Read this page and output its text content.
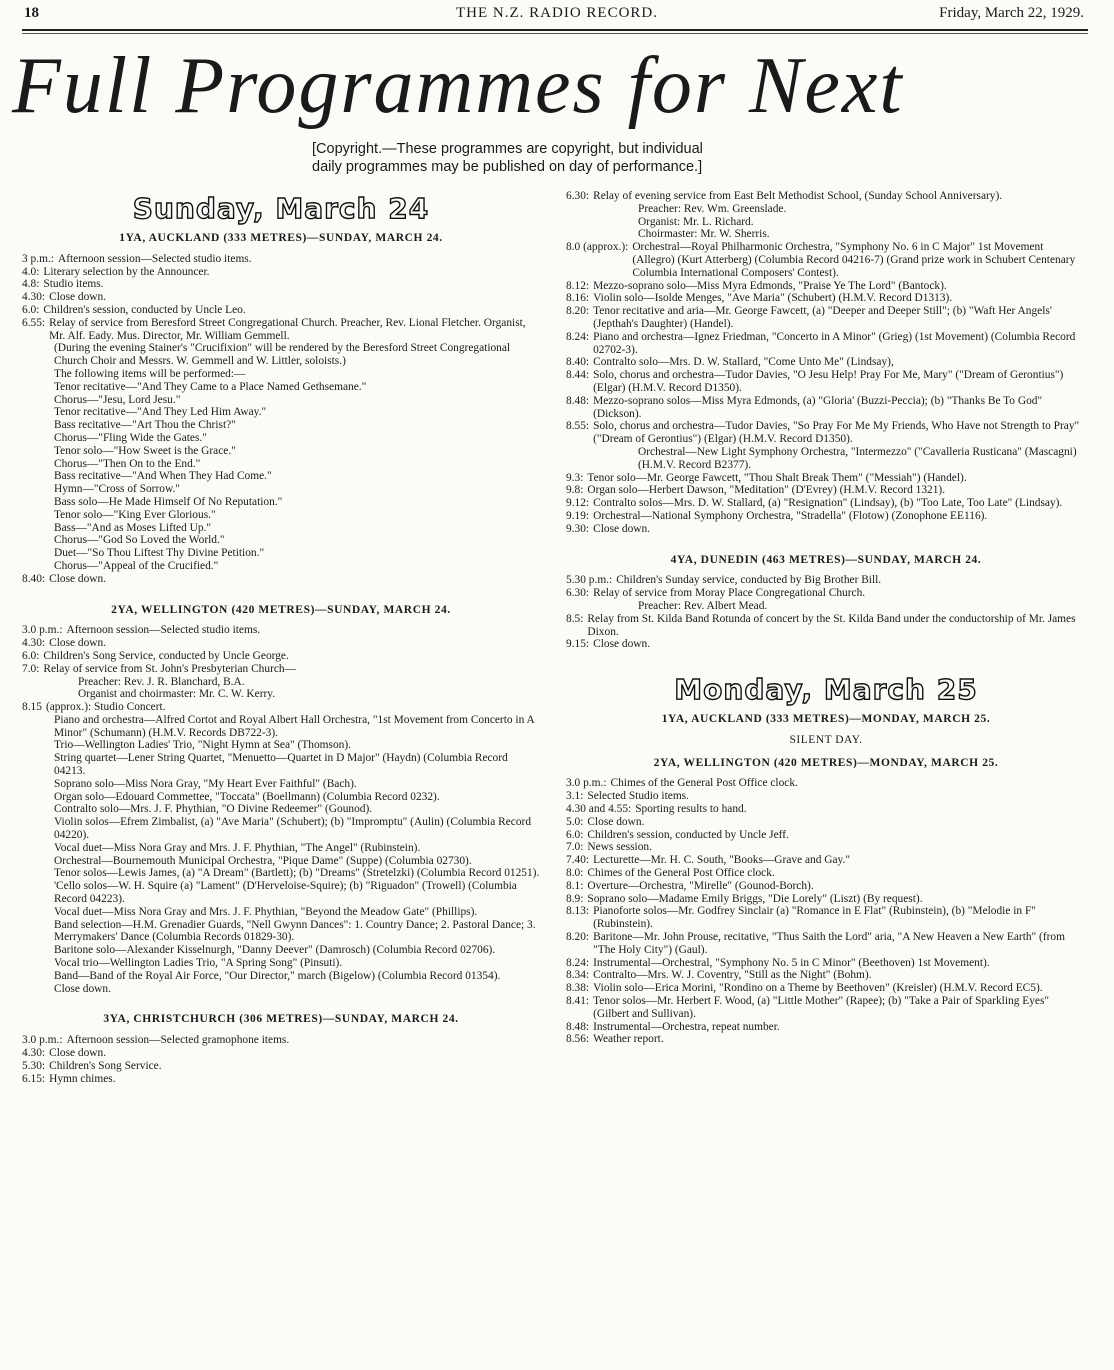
18	THE N.Z. RADIO RECORD.	Friday, March 22, 1929.
Full Programmes for Next
[Copyright.—These programmes are copyright, but individual
daily programmes may be published on day of performance.]
Sunday, March 24
1YA, AUCKLAND (333 METRES)—SUNDAY, MARCH 24.
3 p.m.: Afternoon session—Selected studio items.
4.0: Literary selection by the Announcer.
4.8: Studio items.
4.30: Close down.
6.0: Children's session, conducted by Uncle Leo.
6.55: Relay of service from Beresford Street Congregational Church. Preacher, Rev. Lional Fletcher. Organist, Mr. Alf. Eady. Mus. Director, Mr. William Gemmell.
(During the evening Stainer's "Crucifixion" will be rendered by the Beresford Street Congregational Church Choir and Messrs. W. Gemmell and W. Littler, soloists.)
The following items will be performed:—
Tenor recitative—"And They Came to a Place Named Gethsemane."
Chorus—"Jesu, Lord Jesu."
Tenor recitative—"And They Led Him Away."
Bass recitative—"Art Thou the Christ?"
Chorus—"Fling Wide the Gates."
Tenor solo—"How Sweet is the Grace."
Chorus—"Then On to the End."
Bass recitative—"And When They Had Come."
Hymn—"Cross of Sorrow."
Bass solo—He Made Himself Of No Reputation."
Tenor solo—"King Ever Glorious."
Bass—"And as Moses Lifted Up."
Chorus—"God So Loved the World."
Duet—"So Thou Liftest Thy Divine Petition."
Chorus—"Appeal of the Crucified."
8.40: Close down.
2YA, WELLINGTON (420 METRES)—SUNDAY, MARCH 24.
3.0 p.m.: Afternoon session—Selected studio items.
4.30: Close down.
6.0: Children's Song Service, conducted by Uncle George.
7.0: Relay of service from St. John's Presbyterian Church—
Preacher: Rev. J. R. Blanchard, B.A.
Organist and choirmaster: Mr. C. W. Kerry.
8.15 (approx.): Studio Concert.
Piano and orchestra—Alfred Cortot and Royal Albert Hall Orchestra, "1st Movement from Concerto in A Minor" (Schumann) (H.M.V. Records DB722-3).
Trio—Wellington Ladies' Trio, "Night Hymn at Sea" (Thomson).
String quartet—Lener String Quartet, "Menuetto—Quartet in D Major" (Haydn) (Columbia Record 04213.
Soprano solo—Miss Nora Gray, "My Heart Ever Faithful" (Bach).
Organ solo—Edouard Commettee, "Toccata" (Boellmann) (Columbia Record 0232).
Contralto solo—Mrs. J. F. Phythian, "O Divine Redeemer" (Gounod).
Violin solos—Efrem Zimbalist, (a) "Ave Maria" (Schubert); (b) "Impromptu" (Aulin) (Columbia Record 04220).
Vocal duet—Miss Nora Gray and Mrs. J. F. Phythian, "The Angel" (Rubinstein).
Orchestral—Bournemouth Municipal Orchestra, "Pique Dame" (Suppe) (Columbia 02730).
Tenor solos—Lewis James, (a) "A Dream" (Bartlett); (b) "Dreams" (Stretelzki) (Columbia Record 01251).
'Cello solos—W. H. Squire (a) "Lament" (D'Herveloise-Squire); (b) "Riguadon" (Trowell) (Columbia Record 04223).
Vocal duet—Miss Nora Gray and Mrs. J. F. Phythian, "Beyond the Meadow Gate" (Phillips).
Band selection—H.M. Grenadier Guards, "Nell Gwynn Dances": 1. Country Dance; 2. Pastoral Dance; 3. Merrymakers' Dance (Columbia Records 01829-30).
Baritone solo—Alexander Kisselnurgh, "Danny Deever" (Damrosch) (Columbia Record 02706).
Vocal trio—Wellington Ladies Trio, "A Spring Song" (Pinsuti).
Band—Band of the Royal Air Force, "Our Director," march (Bigelow) (Columbia Record 01354).
Close down.
3YA, CHRISTCHURCH (306 METRES)—SUNDAY, MARCH 24.
3.0 p.m.: Afternoon session—Selected gramophone items.
4.30: Close down.
5.30: Children's Song Service.
6.15: Hymn chimes.
6.30: Relay of evening service from East Belt Methodist School, (Sunday School Anniversary).
Preacher: Rev. Wm. Greenslade.
Organist: Mr. L. Richard.
Choirmaster: Mr. W. Sherris.
8.0 (approx.): Orchestral—Royal Philharmonic Orchestra, "Symphony No. 6 in C Major" 1st Movement (Allegro) (Kurt Atterberg) (Columbia Record 04216-7) (Grand prize work in Schubert Centenary Columbia International Composers' Contest).
8.12: Mezzo-soprano solo—Miss Myra Edmonds, "Praise Ye The Lord" (Bantock).
8.16: Violin solo—Isolde Menges, "Ave Maria" (Schubert) (H.M.V. Record D1313).
8.20: Tenor recitative and aria—Mr. George Fawcett, (a) "Deeper and Deeper Still"; (b) "Waft Her Angels' (Jepthah's Daughter) (Handel).
8.24: Piano and orchestra—Ignez Friedman, "Concerto in A Minor" (Grieg) (1st Movement) (Columbia Record 02702-3).
8.40: Contralto solo—Mrs. D. W. Stallard, "Come Unto Me" (Lindsay),
8.44: Solo, chorus and orchestra—Tudor Davies, "O Jesu Help! Pray For Me, Mary" ("Dream of Gerontius") (Elgar) (H.M.V. Record D1350).
8.48: Mezzo-soprano solos—Miss Myra Edmonds, (a) "Gloria' (Buzzi-Peccia); (b) "Thanks Be To God" (Dickson).
8.55: Solo, chorus and orchestra—Tudor Davies, "So Pray For Me My Friends, Who Have not Strength to Pray" ("Dream of Gerontius") (Elgar) (H.M.V. Record D1350).
Orchestral—New Light Symphony Orchestra, "Intermezzo" ("Cavalleria Rusticana" (Mascagni) (H.M.V. Record B2377).
9.3: Tenor solo—Mr. George Fawcett, "Thou Shalt Break Them" ("Messiah") (Handel).
9.8: Organ solo—Herbert Dawson, "Meditation" (D'Evrey) (H.M.V. Record 1321).
9.12: Contralto solos—Mrs. D. W. Stallard, (a) "Resignation" (Lindsay), (b) "Too Late, Too Late" (Lindsay).
9.19: Orchestral—National Symphony Orchestra, "Stradella" (Flotow) (Zonophone EE116).
9.30: Close down.
4YA, DUNEDIN (463 METRES)—SUNDAY, MARCH 24.
5.30 p.m.: Children's Sunday service, conducted by Big Brother Bill.
6.30: Relay of service from Moray Place Congregational Church.
Preacher: Rev. Albert Mead.
8.5: Relay from St. Kilda Band Rotunda of concert by the St. Kilda Band under the conductorship of Mr. James Dixon.
9.15: Close down.
Monday, March 25
1YA, AUCKLAND (333 METRES)—MONDAY, MARCH 25.
SILENT DAY.
2YA, WELLINGTON (420 METRES)—MONDAY, MARCH 25.
3.0 p.m.: Chimes of the General Post Office clock.
3.1: Selected Studio items.
4.30 and 4.55: Sporting results to hand.
5.0: Close down.
6.0: Children's session, conducted by Uncle Jeff.
7.0: News session.
7.40: Lecturette—Mr. H. C. South, "Books—Grave and Gay."
8.0: Chimes of the General Post Office clock.
8.1: Overture—Orchestra, "Mirelle" (Gounod-Borch).
8.9: Soprano solo—Madame Emily Briggs, "Die Lorely" (Liszt) (By request).
8.13: Pianoforte solos—Mr. Godfrey Sinclair (a) "Romance in E Flat" (Rubinstein), (b) "Melodie in F" (Rubinstein).
8.20: Baritone—Mr. John Prouse, recitative, "Thus Saith the Lord" aria, "A New Heaven a New Earth" (from "The Holy City") (Gaul).
8.24: Instrumental—Orchestral, "Symphony No. 5 in C Minor" (Beethoven) 1st Movement).
8.34: Contralto—Mrs. W. J. Coventry, "Still as the Night" (Bohm).
8.38: Violin solo—Erica Morini, "Rondino on a Theme by Beethoven" (Kreisler) (H.M.V. Record EC5).
8.41: Tenor solos—Mr. Herbert F. Wood, (a) "Little Mother" (Rapee); (b) "Take a Pair of Sparkling Eyes" (Gilbert and Sullivan).
8.48: Instrumental—Orchestra, repeat number.
8.56: Weather report.
